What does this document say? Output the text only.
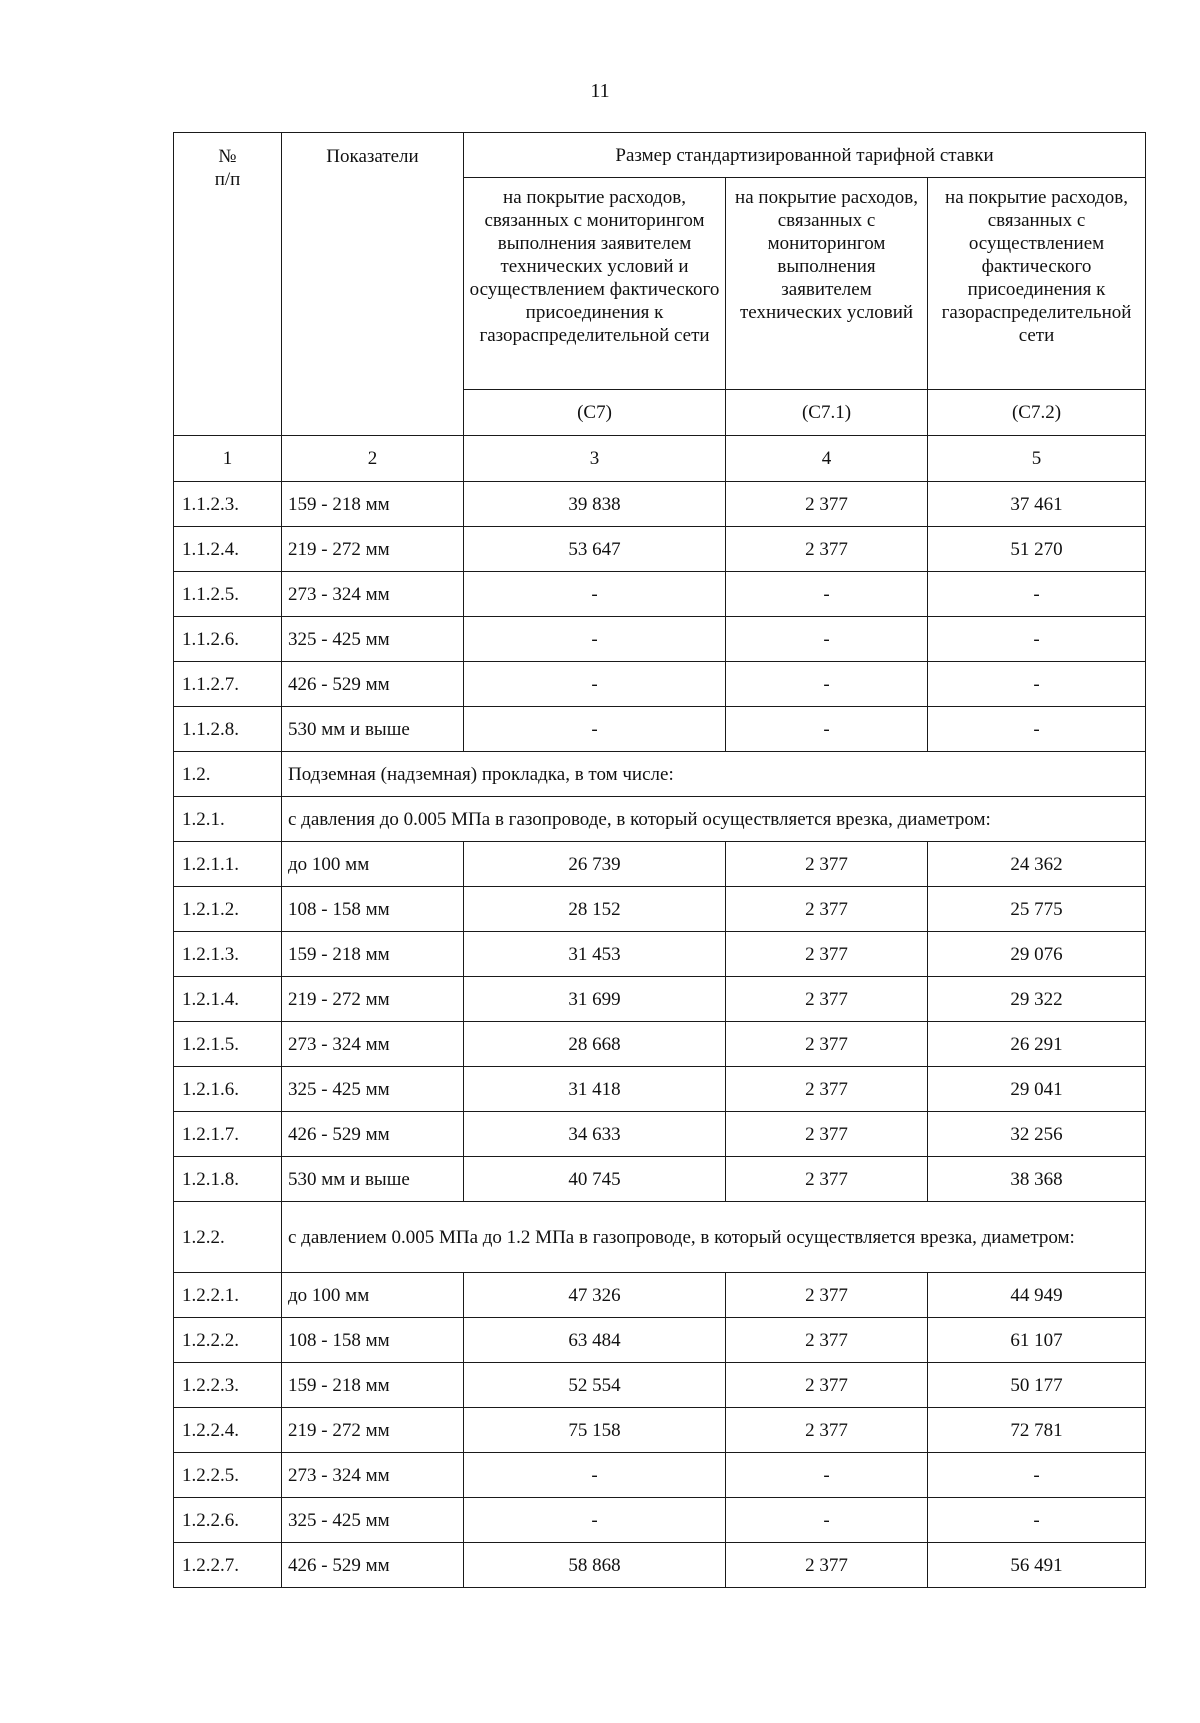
11
№
п/п	Показатели	Размер стандартизированной тарифной ставки		
		на покрытие расходов, связанных с мониторингом выполнения заявителем технических условий и осуществлением фактического присоединения к газораспределительной сети	на покрытие расходов, связанных с мониторингом выполнения заявителем технических условий	на покрытие расходов, связанных с осуществлением фактического присоединения к газораспределительной сети
		(С7)	(С7.1)	(С7.2)
1	2	3	4	5
1.1.2.3.	159 - 218 мм	39 838	2 377	37 461
1.1.2.4.	219 - 272 мм	53 647	2 377	51 270
1.1.2.5.	273 - 324 мм	-	-	-
1.1.2.6.	325 - 425 мм	-	-	-
1.1.2.7.	426 - 529 мм	-	-	-
1.1.2.8.	530 мм и выше	-	-	-
1.2.	Подземная (надземная) прокладка, в том числе:			
1.2.1.	с давления до 0.005 МПа в газопроводе, в который осуществляется врезка, диаметром:			
1.2.1.1.	до 100 мм	26 739	2 377	24 362
1.2.1.2.	108 - 158 мм	28 152	2 377	25 775
1.2.1.3.	159 - 218 мм	31 453	2 377	29 076
1.2.1.4.	219 - 272 мм	31 699	2 377	29 322
1.2.1.5.	273 - 324 мм	28 668	2 377	26 291
1.2.1.6.	325 - 425 мм	31 418	2 377	29 041
1.2.1.7.	426 - 529 мм	34 633	2 377	32 256
1.2.1.8.	530 мм и выше	40 745	2 377	38 368
1.2.2.	с давлением 0.005 МПа до 1.2 МПа в газопроводе, в который осуществляется врезка, диаметром:			
1.2.2.1.	до 100 мм	47 326	2 377	44 949
1.2.2.2.	108 - 158 мм	63 484	2 377	61 107
1.2.2.3.	159 - 218 мм	52 554	2 377	50 177
1.2.2.4.	219 - 272 мм	75 158	2 377	72 781
1.2.2.5.	273 - 324 мм	-	-	-
1.2.2.6.	325 - 425 мм	-	-	-
1.2.2.7.	426 - 529 мм	58 868	2 377	56 491
